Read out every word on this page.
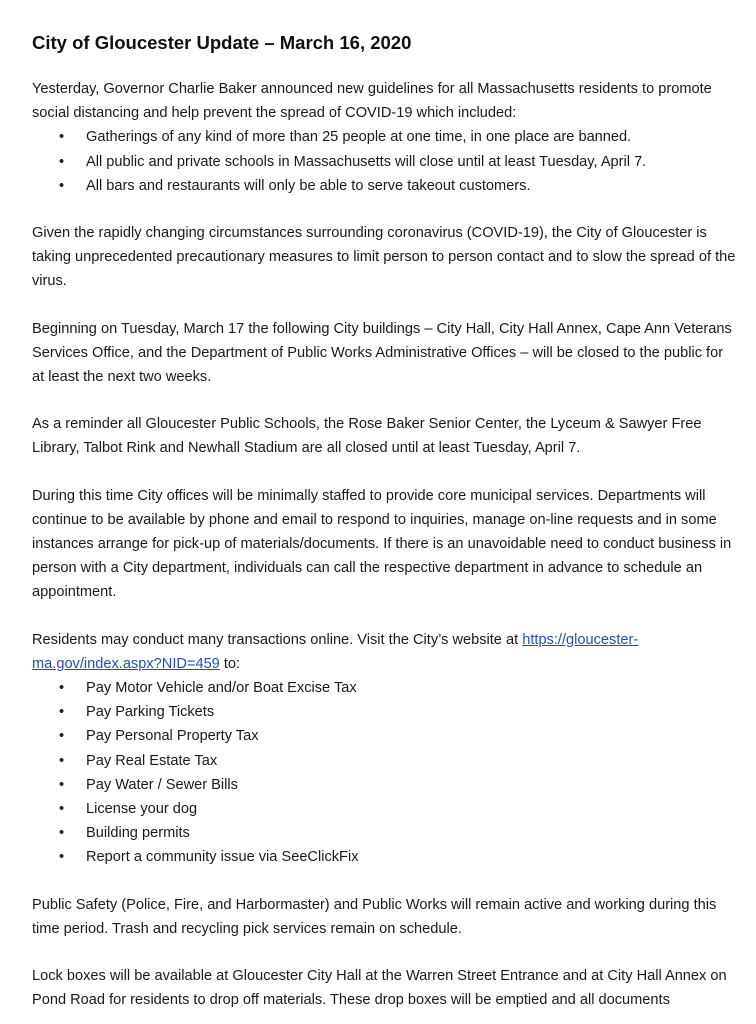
City of Gloucester Update – March 16, 2020

Yesterday, Governor Charlie Baker announced new guidelines for all Massachusetts residents to promote social distancing and help prevent the spread of COVID-19 which included:

• Gatherings of any kind of more than 25 people at one time, in one place are banned.
• All public and private schools in Massachusetts will close until at least Tuesday, April 7.
• All bars and restaurants will only be able to serve takeout customers.

Given the rapidly changing circumstances surrounding coronavirus (COVID-19), the City of Gloucester is taking unprecedented precautionary measures to limit person to person contact and to slow the spread of the virus.

Beginning on Tuesday, March 17 the following City buildings – City Hall, City Hall Annex, Cape Ann Veterans Services Office, and the Department of Public Works Administrative Offices – will be closed to the public for at least the next two weeks.

As a reminder all Gloucester Public Schools, the Rose Baker Senior Center, the Lyceum & Sawyer Free Library, Talbot Rink and Newhall Stadium are all closed until at least Tuesday, April 7.

During this time City offices will be minimally staffed to provide core municipal services. Departments will continue to be available by phone and email to respond to inquiries, manage on-line requests and in some instances arrange for pick-up of materials/documents. If there is an unavoidable need to conduct business in person with a City department, individuals can call the respective department in advance to schedule an appointment.

Residents may conduct many transactions online. Visit the City’s website at https://gloucester-ma.gov/index.aspx?NID=459 to:

• Pay Motor Vehicle and/or Boat Excise Tax
• Pay Parking Tickets
• Pay Personal Property Tax
• Pay Real Estate Tax
• Pay Water / Sewer Bills
• License your dog
• Building permits
• Report a community issue via SeeClickFix

Public Safety (Police, Fire, and Harbormaster) and Public Works will remain active and working during this time period. Trash and recycling pick services remain on schedule.

Lock boxes will be available at Gloucester City Hall at the Warren Street Entrance and at City Hall Annex on Pond Road for residents to drop off materials. These drop boxes will be emptied and all documents
